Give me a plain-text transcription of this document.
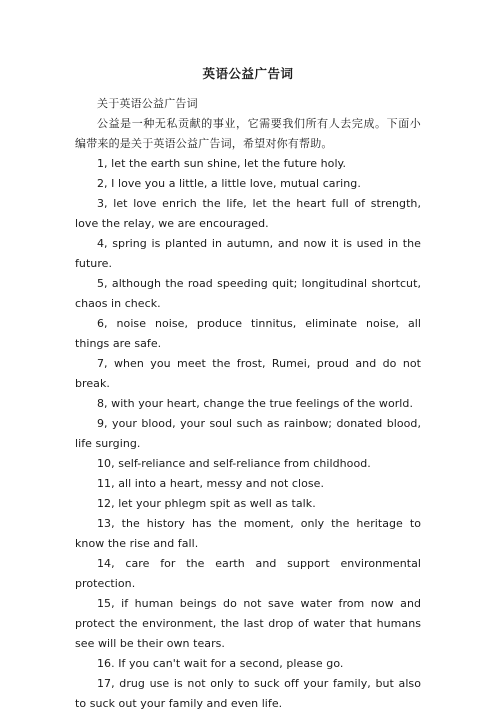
英语公益广告词

关于英语公益广告词

公益是一种无私贡献的事业，它需要我们所有人去完成。下面小编带来的是关于英语公益广告词，希望对你有帮助。

1, let the earth sun shine, let the future holy.

2, I love you a little, a little love, mutual caring.

3, let love enrich the life, let the heart full of strength, love the relay, we are encouraged.

4, spring is planted in autumn, and now it is used in the future.

5, although the road speeding quit; longitudinal shortcut, chaos in check.

6, noise noise, produce tinnitus, eliminate noise, all things are safe.

7, when you meet the frost, Rumei, proud and do not break.

8, with your heart, change the true feelings of the world.

9, your blood, your soul such as rainbow; donated blood, life surging.

10, self-reliance and self-reliance from childhood.

11, all into a heart, messy and not close.

12, let your phlegm spit as well as talk.

13, the history has the moment, only the heritage to know the rise and fall.

14, care for the earth and support environmental protection.

15, if human beings do not save water from now and protect the environment, the last drop of water that humans see will be their own tears.

16. If you can't wait for a second, please go.

17, drug use is not only to suck off your family, but also to suck out your family and even life.
